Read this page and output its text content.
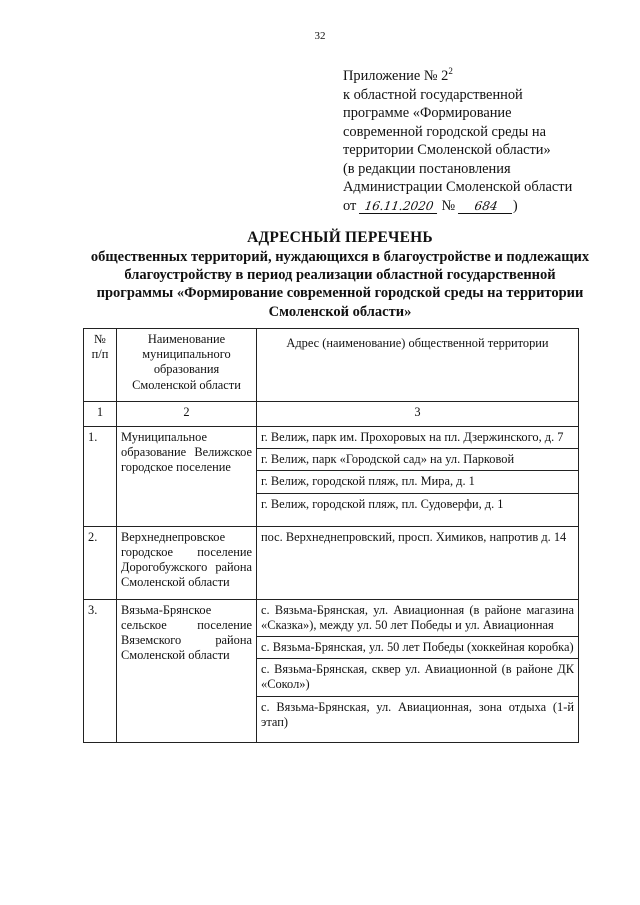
32
Приложение № $2^2$
к областной государственной
программе «Формирование
современной городской среды на
территории Смоленской области»
(в редакции постановления
Администрации Смоленской области
от 16.11.2020 № 684 )
АДРЕСНЫЙ ПЕРЕЧЕНЬ
общественных территорий, нуждающихся в благоустройстве и подлежащих благоустройству в период реализации областной государственной программы «Формирование современной городской среды на территории Смоленской области»
№ п/п	Наименование муниципального образования Смоленской области	Адрес (наименование) общественной территории
1	2	3
1.	Муниципальное образование Велижское городское поселение	г. Велиж, парк им. Прохоровых на пл. Дзержинского, д. 7
		г. Велиж, парк «Городской сад» на ул. Парковой
		г. Велиж, городской пляж, пл. Мира, д. 1
		г. Велиж, городской пляж, пл. Судоверфи, д. 1
2.	Верхнеднепровское городское поселение Дорогобужского района Смоленской области	пос. Верхнеднепровский, просп. Химиков, напротив д. 14
3.	Вязьма-Брянское сельское поселение Вяземского района Смоленской области	с. Вязьма-Брянская, ул. Авиационная (в районе магазина «Сказка»), между ул. 50 лет Победы и ул. Авиационная
		с. Вязьма-Брянская, ул. 50 лет Победы (хоккейная коробка)
		с. Вязьма-Брянская, сквер ул. Авиационной (в районе ДК «Сокол»)
		с. Вязьма-Брянская, ул. Авиационная, зона отдыха (1-й этап)
